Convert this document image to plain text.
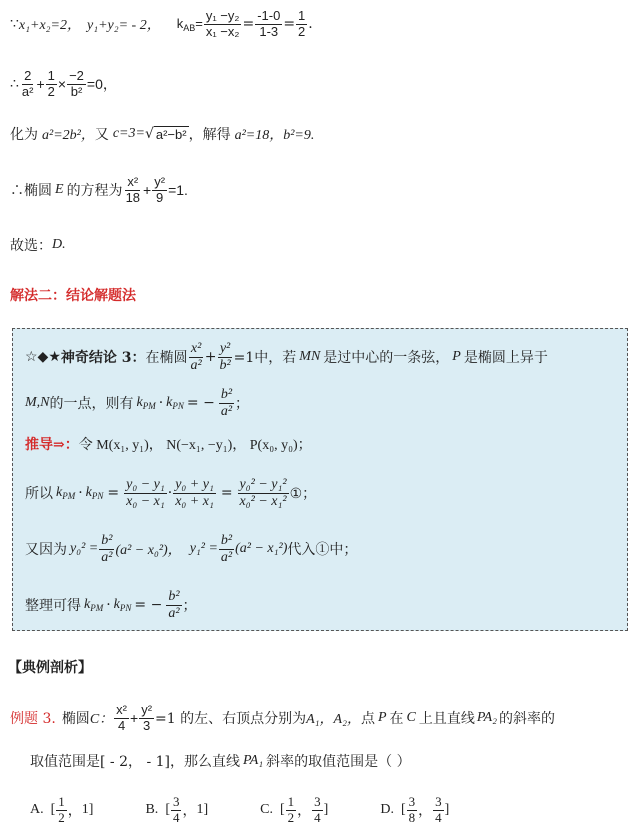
∵ x₁+x₂=2， y₁+y₂= - 2， $k_{AB}= \frac{\text{y₁ −y₂}}{\text{x₁ −x₂}} = \frac{-1-0}{1-3} = \frac{1}{2}$ .
∴ $\frac{2}{\text{a²}} + \frac{1}{2} \times \frac{-2}{\text{b²}} =0$，
化为 a²=2b²， 又 c=3= √ a²−b² ，解得 a²=18，b²=9.
∴椭圆 E 的方程为 $\frac{\text{x²}}{18} + \frac{\text{y²}}{9} =1$.
故选： D.
解法二：结论解题法
☆◆★ 神奇结论 3： 在椭圆 $\frac{\text{x²}}{\text{a²}} + \frac{\text{y²}}{\text{b²}} =1$中，若 MN 是过中心的一条弦， P 是椭圆上异于
M,N 的一点，则有 $k_{PM} \cdot k_{PN}$ = − $\frac{\text{b²}}{\text{a²}}$ ；
推导⇒： 令 M(x₁, y₁)， N(−x₁, −y₁)， P(x₀, y₀)；
所以 $k_{PM} \cdot k_{PN} = \frac{\text{y₀ − y₁}}{\text{x₀ − x₁}} \cdot \frac{\text{y₀ + y₁}}{\text{x₀ + x₁}} = \frac{\text{y₀² − y₁²}}{\text{x₀² − x₁²}}$ ①；
又因为 $y_0^2 = \frac{\text{b²}}{\text{a²}} (a^2 - x_0^2)$， $y_1^2 = \frac{\text{b²}}{\text{a²}} (a^2 - x_1^2)$ 代入①中；
整理可得 $k_{PM} \cdot k_{PN}$ = − $\frac{\text{b²}}{\text{a²}}$ ；
【典例剖析】
例题 3. 椭圆 C： $\frac{\text{x²}}{4} + \frac{\text{y²}}{3} =1$ 的左、右顶点分别为 A₁，A₂， 点 P 在 C 上且直线 PA₂ 的斜率的
取值范围是[ - 2， - 1]，那么直线 PA₁ 斜率的取值范围是（ ）
A.
[ $\frac{1}{2}$ ， 1 ]	B.
[ $\frac{3}{4}$ ， 1 ]	C.
[ $\frac{1}{2}$ ， $\frac{3}{4}$ ]	D.
[ $\frac{3}{8}$ ， $\frac{3}{4}$ ]
